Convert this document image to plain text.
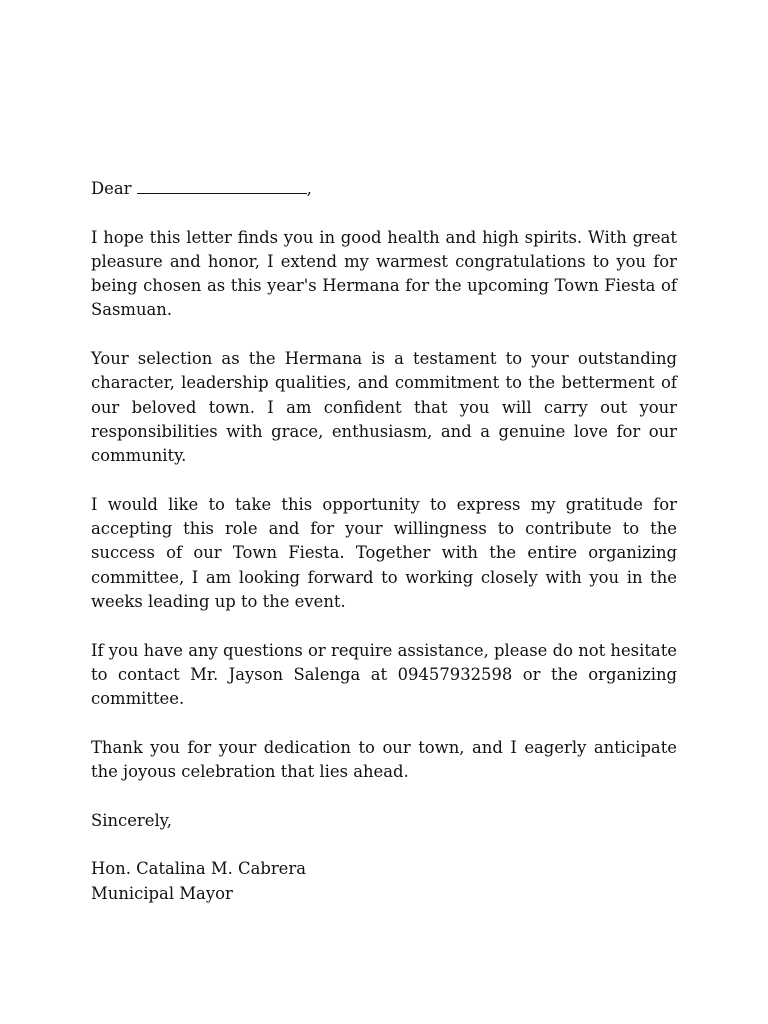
Dear	,

I hope this letter finds you in good health and high spirits. With great pleasure and honor, I extend my warmest congratulations to you for being chosen as this year's Hermana for the upcoming Town Fiesta of Sasmuan.

Your selection as the Hermana is a testament to your outstanding character, leadership qualities, and commitment to the betterment of our beloved town. I am confident that you will carry out your responsibilities with grace, enthusiasm, and a genuine love for our community.

I would like to take this opportunity to express my gratitude for accepting this role and for your willingness to contribute to the success of our Town Fiesta. Together with the entire organizing committee, I am looking forward to working closely with you in the weeks leading up to the event.

If you have any questions or require assistance, please do not hesitate to contact Mr. Jayson Salenga at 09457932598 or the organizing committee.

Thank you for your dedication to our town, and I eagerly anticipate the joyous celebration that lies ahead.

Sincerely,

Hon. Catalina M. Cabrera

Municipal Mayor
